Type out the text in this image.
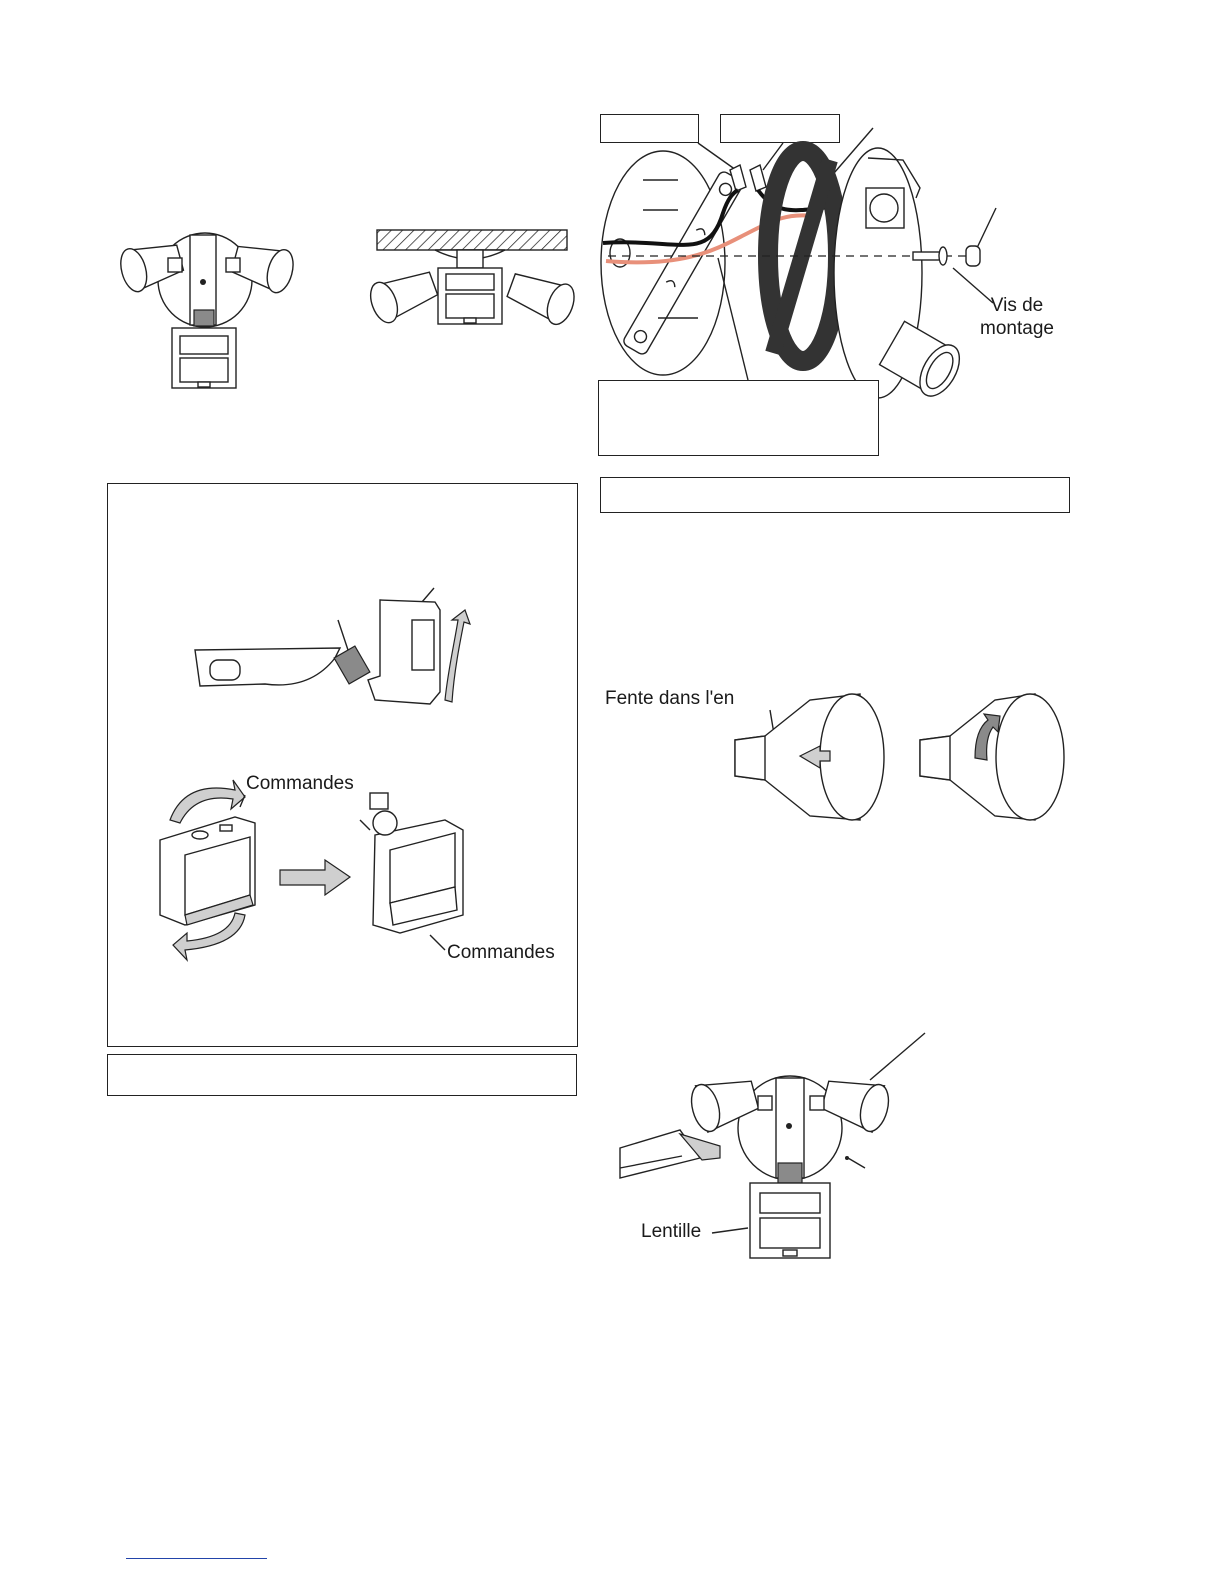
Vis de
montage
Commandes
Commandes
Fente dans l'en
Lentille
